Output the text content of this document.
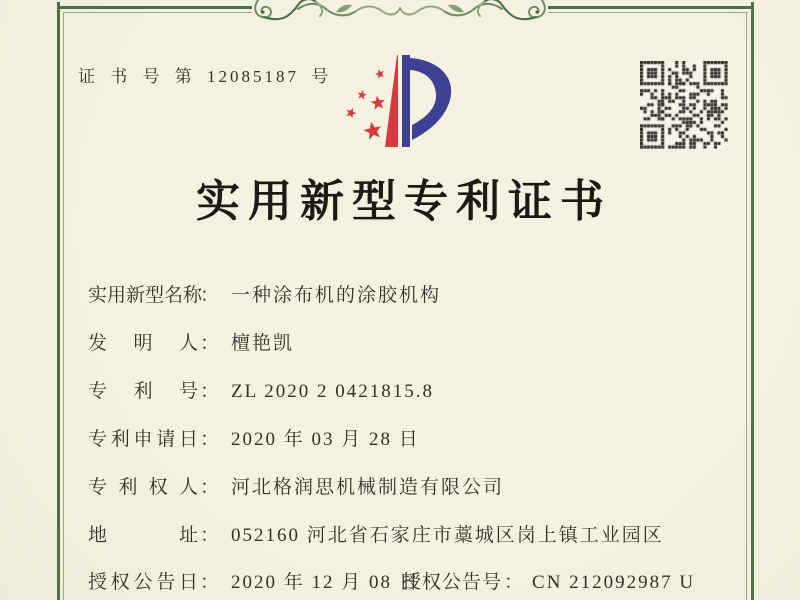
证 书 号 第 12085187 号
实用新型专利证书
实用新型名称： 一种涂布机的涂胶机构
发明人 ： 檀艳凯
专利号 ： ZL 2020 2 0421815.8
专利申请日 ： 2020 年 03 月 28 日
专利权人 ： 河北格润思机械制造有限公司
地址 ： 052160 河北省石家庄市藁城区岗上镇工业园区
授权公告日 ： 2020 年 12 月 08 日
授权公告号 ： CN 212092987 U
